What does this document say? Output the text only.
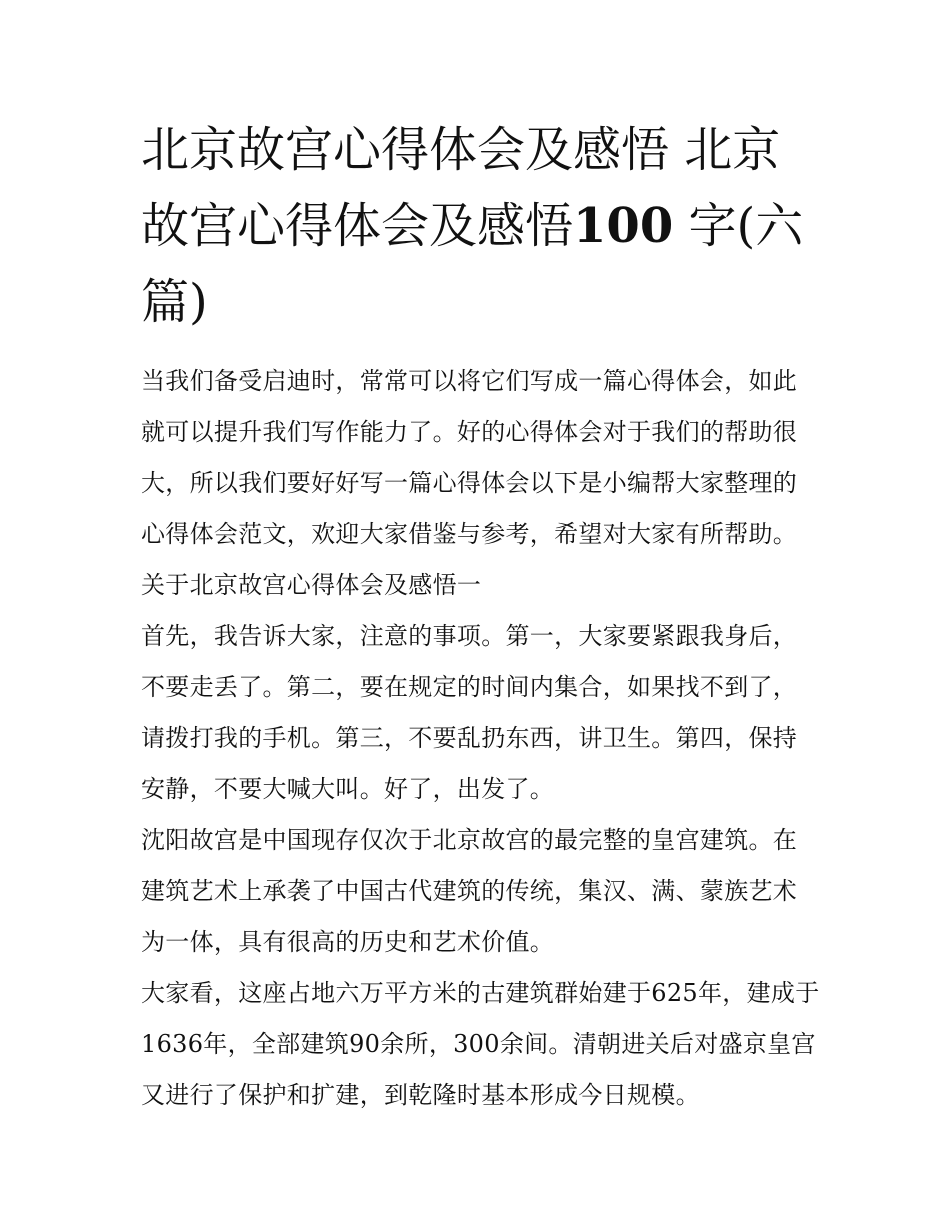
北京故宫心得体会及感悟 北京故宫心得体会及感悟100 字(六篇)

当我们备受启迪时，常常可以将它们写成一篇心得体会，如此就可以提升我们写作能力了。好的心得体会对于我们的帮助很大，所以我们要好好写一篇心得体会以下是小编帮大家整理的心得体会范文，欢迎大家借鉴与参考，希望对大家有所帮助。

关于北京故宫心得体会及感悟一

首先，我告诉大家，注意的事项。第一，大家要紧跟我身后，不要走丢了。第二，要在规定的时间内集合，如果找不到了，请拨打我的手机。第三，不要乱扔东西，讲卫生。第四，保持安静，不要大喊大叫。好了，出发了。

沈阳故宫是中国现存仅次于北京故宫的最完整的皇宫建筑。在建筑艺术上承袭了中国古代建筑的传统，集汉、满、蒙族艺术为一体，具有很高的历史和艺术价值。

大家看，这座占地六万平方米的古建筑群始建于625年，建成于1636年，全部建筑90余所，300余间。清朝进关后对盛京皇宫又进行了保护和扩建，到乾隆时基本形成今日规模。
